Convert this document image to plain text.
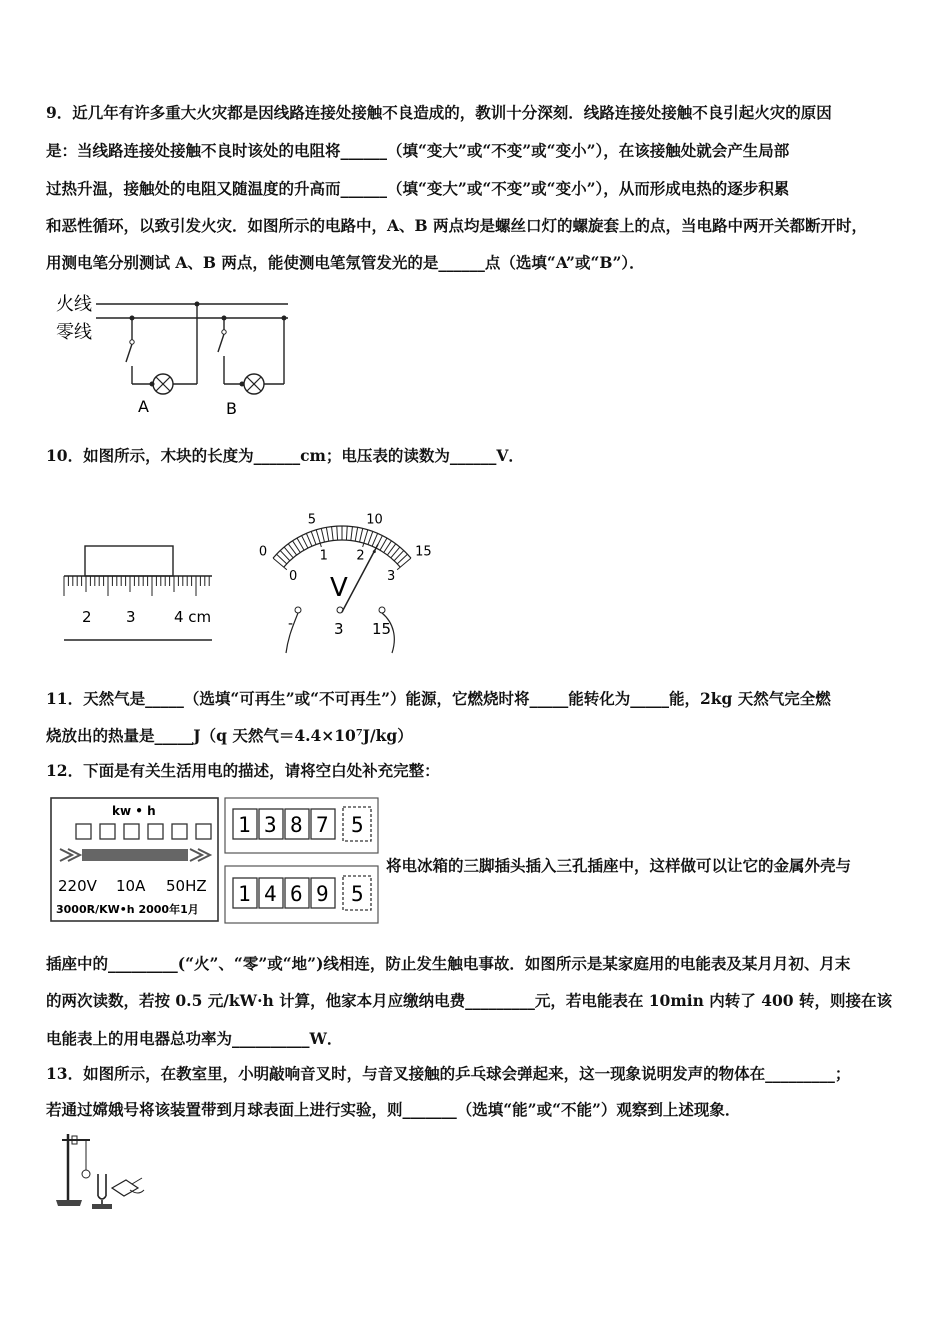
9．近几年有许多重大火灾都是因线路连接处接触不良造成的，教训十分深刻．线路连接处接触不良引起火灾的原因
是：当线路连接处接触不良时该处的电阻将______（填“变大”或“不变”或“变小”），在该接触处就会产生局部
过热升温，接触处的电阻又随温度的升高而______（填“变大”或“不变”或“变小”），从而形成电热的逐步积累
和恶性循环，以致引发火灾．如图所示的电路中，A、B 两点均是螺丝口灯的螺旋套上的点，当电路中两开关都断开时，
用测电笔分别测试 A、B 两点，能使测电笔氖管发光的是______点（选填“A”或“B”）．
火线
零线
A	B
10．如图所示，木块的长度为______cm；电压表的读数为______V．
2 3	4 cm
0
5	10
15
0
1 2
3
V
-	3 15
11．天然气是_____（选填“可再生”或“不可再生”）能源，它燃烧时将_____能转化为_____能，2kg 天然气完全燃
烧放出的热量是_____J（q 天然气＝4.4×10⁷J/kg）
12．下面是有关生活用电的描述，请将空白处补充完整：
kw • h
220V 10A 50HZ
3000R/KW•h 2000年1月
1 3 8 7 5
1 4 6 9 5
将电冰箱的三脚插头插入三孔插座中，这样做可以让它的金属外壳与
插座中的_________(“火”、“零”或“地”)线相连，防止发生触电事故．如图所示是某家庭用的电能表及某月月初、月末
的两次读数，若按 0.5 元/kW·h 计算，他家本月应缴纳电费_________元，若电能表在 10min 内转了 400 转，则接在该
电能表上的用电器总功率为__________W．
13．如图所示，在教室里，小明敲响音叉时，与音叉接触的乒乓球会弹起来，这一现象说明发声的物体在_________；
若通过嫦娥号将该装置带到月球表面上进行实验，则_______（选填“能”或“不能”）观察到上述现象．
